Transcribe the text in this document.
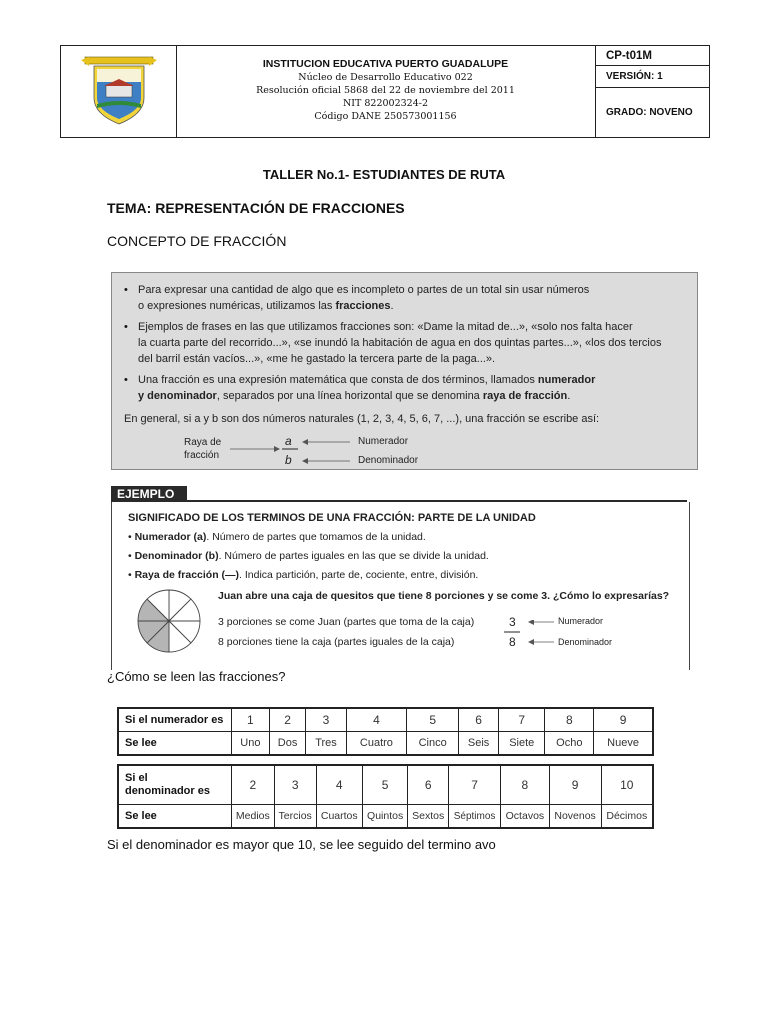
INSTITUCION EDUCATIVA PUERTO GUADALUPE
Núcleo de Desarrollo Educativo 022
Resolución oficial 5868 del 22 de noviembre del 2011
NIT 822002324-2
Código DANE 250573001156
CP-t01M
VERSIÓN: 1
GRADO: NOVENO
TALLER No.1- ESTUDIANTES DE RUTA
TEMA: REPRESENTACIÓN DE FRACCIONES
CONCEPTO DE FRACCIÓN
• Para expresar una cantidad de algo que es incompleto o partes de un total sin usar números
o expresiones numéricas, utilizamos las fracciones.
• Ejemplos de frases en las que utilizamos fracciones son: «Dame la mitad de...», «solo nos falta hacer
la cuarta parte del recorrido...», «se inundó la habitación de agua en dos quintas partes...», «los dos tercios
del barril están vacíos...», «me he gastado la tercera parte de la paga...».
• Una fracción es una expresión matemática que consta de dos términos, llamados numerador
y denominador, separados por una línea horizontal que se denomina raya de fracción.
En general, si a y b son dos números naturales (1, 2, 3, 4, 5, 6, 7, ...), una fracción se escribe así:
Raya de
fracción
a
b
Numerador
Denominador
EJEMPLO
SIGNIFICADO DE LOS TERMINOS DE UNA FRACCIÓN: PARTE DE LA UNIDAD
• Numerador (a). Número de partes que tomamos de la unidad.
• Denominador (b). Número de partes iguales en las que se divide la unidad.
• Raya de fracción (—). Indica partición, parte de, cociente, entre, división.
Juan abre una caja de quesitos que tiene 8 porciones y se come 3. ¿Cómo lo expresarías?
3 porciones se come Juan (partes que toma de la caja)
8 porciones tiene la caja (partes iguales de la caja)
3
8
Numerador
Denominador
¿Cómo se leen las fracciones?
Si el numerador es	1	2	3	4	5	6	7	8	9
Se lee	Uno	Dos	Tres	Cuatro	Cinco	Seis	Siete	Ocho	Nueve
Si el
denominador es	2	3	4	5	6	7	8	9	10
Se lee	Medios	Tercios	Cuartos	Quintos	Sextos	Séptimos	Octavos	Novenos	Décimos
Si el denominador es mayor que 10, se lee seguido del termino avo
